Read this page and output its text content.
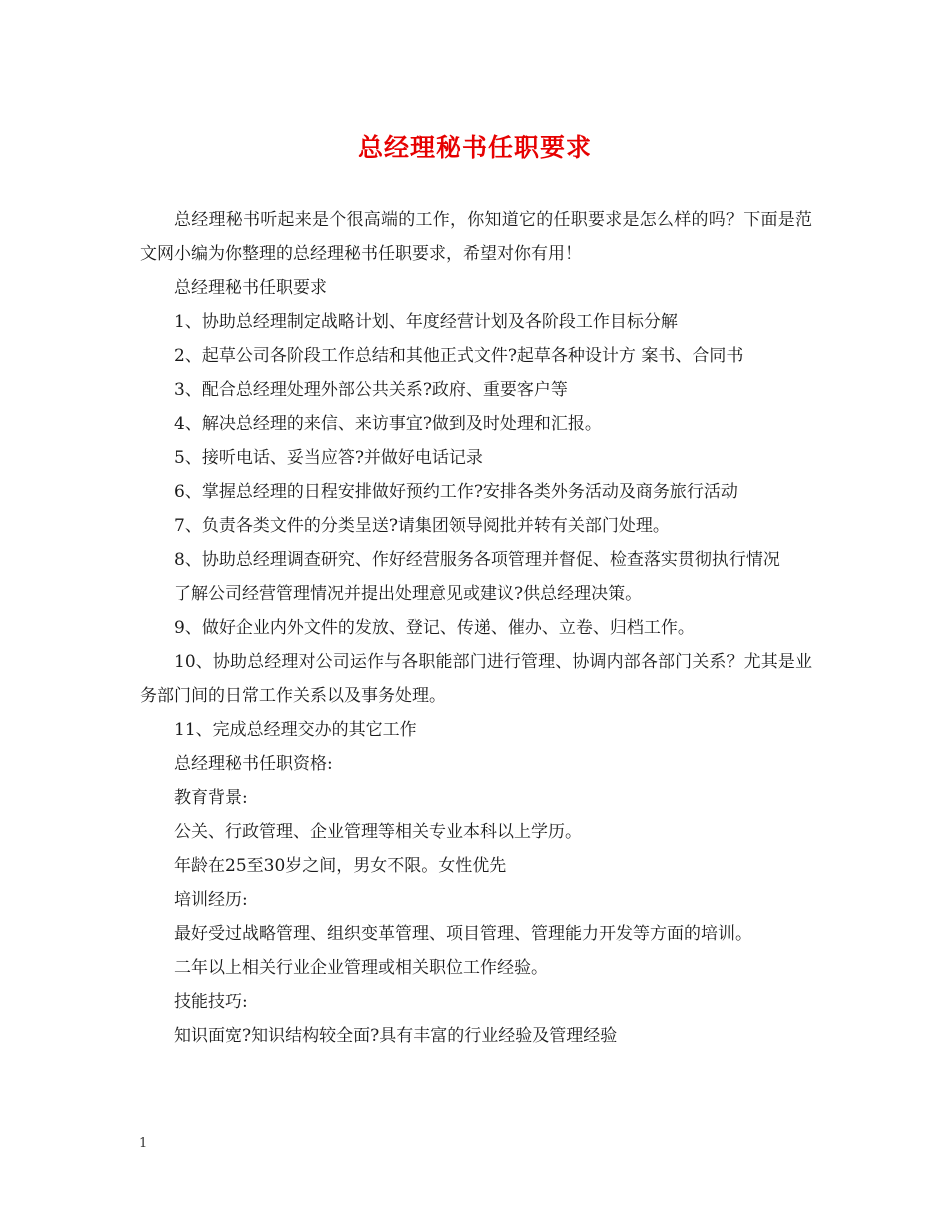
总经理秘书任职要求

总经理秘书听起来是个很高端的工作，你知道它的任职要求是怎么样的吗？下面是范文网小编为你整理的总经理秘书任职要求，希望对你有用！

总经理秘书任职要求

1、协助总经理制定战略计划、年度经营计划及各阶段工作目标分解

2、起草公司各阶段工作总结和其他正式文件?起草各种设计方 案书、合同书

3、配合总经理处理外部公共关系?政府、重要客户等

4、解决总经理的来信、来访事宜?做到及时处理和汇报。

5、接听电话、妥当应答?并做好电话记录

6、掌握总经理的日程安排做好预约工作?安排各类外务活动及商务旅行活动

7、负责各类文件的分类呈送?请集团领导阅批并转有关部门处理。

8、协助总经理调查研究、作好经营服务各项管理并督促、检查落实贯彻执行情况

了解公司经营管理情况并提出处理意见或建议?供总经理决策。

9、做好企业内外文件的发放、登记、传递、催办、立卷、归档工作。

10、协助总经理对公司运作与各职能部门进行管理、协调内部各部门关系？尤其是业务部门间的日常工作关系以及事务处理。

11、完成总经理交办的其它工作

总经理秘书任职资格:

教育背景:

公关、行政管理、企业管理等相关专业本科以上学历。

年龄在25至30岁之间，男女不限。女性优先

培训经历:

最好受过战略管理、组织变革管理、项目管理、管理能力开发等方面的培训。

二年以上相关行业企业管理或相关职位工作经验。

技能技巧:

知识面宽?知识结构较全面?具有丰富的行业经验及管理经验

1
